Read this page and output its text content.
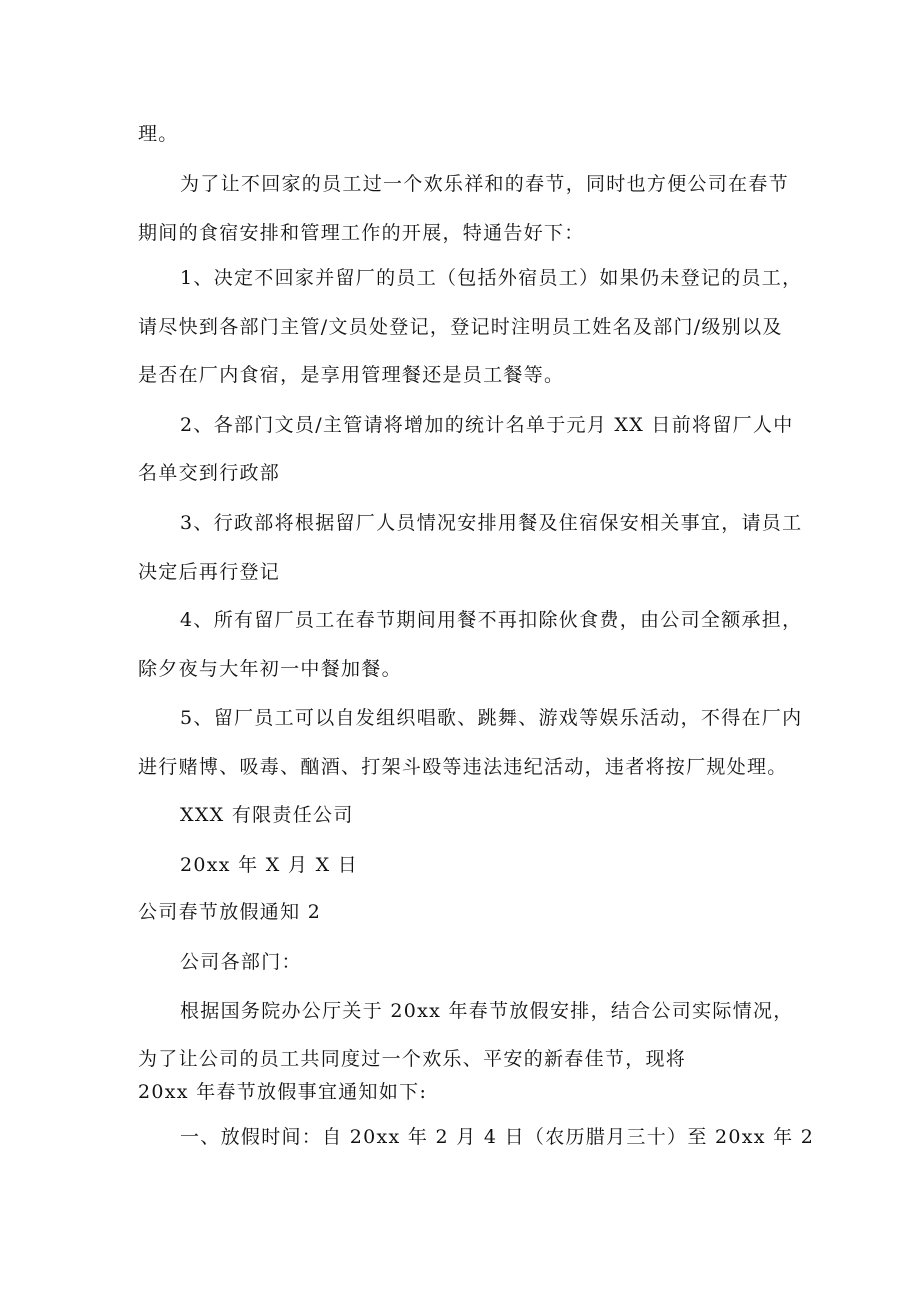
理。
为了让不回家的员工过一个欢乐祥和的春节，同时也方便公司在春节
期间的食宿安排和管理工作的开展，特通告好下：
1、决定不回家并留厂的员工（包括外宿员工）如果仍未登记的员工，
请尽快到各部门主管/文员处登记，登记时注明员工姓名及部门/级别以及
是否在厂内食宿，是享用管理餐还是员工餐等。
2、各部门文员/主管请将增加的统计名单于元月 XX 日前将留厂人中
名单交到行政部
3、行政部将根据留厂人员情况安排用餐及住宿保安相关事宜，请员工
决定后再行登记
4、所有留厂员工在春节期间用餐不再扣除伙食费，由公司全额承担，
除夕夜与大年初一中餐加餐。
5、留厂员工可以自发组织唱歌、跳舞、游戏等娱乐活动，不得在厂内
进行赌博、吸毒、酗酒、打架斗殴等违法违纪活动，违者将按厂规处理。
XXX 有限责任公司
20xx 年 X 月 X 日
公司春节放假通知 2
公司各部门：
根据国务院办公厅关于 20xx 年春节放假安排，结合公司实际情况，
为了让公司的员工共同度过一个欢乐、平安的新春佳节，现将
20xx 年春节放假事宜通知如下:
一、放假时间：自 20xx 年 2 月 4 日（农历腊月三十）至 20xx 年 2
